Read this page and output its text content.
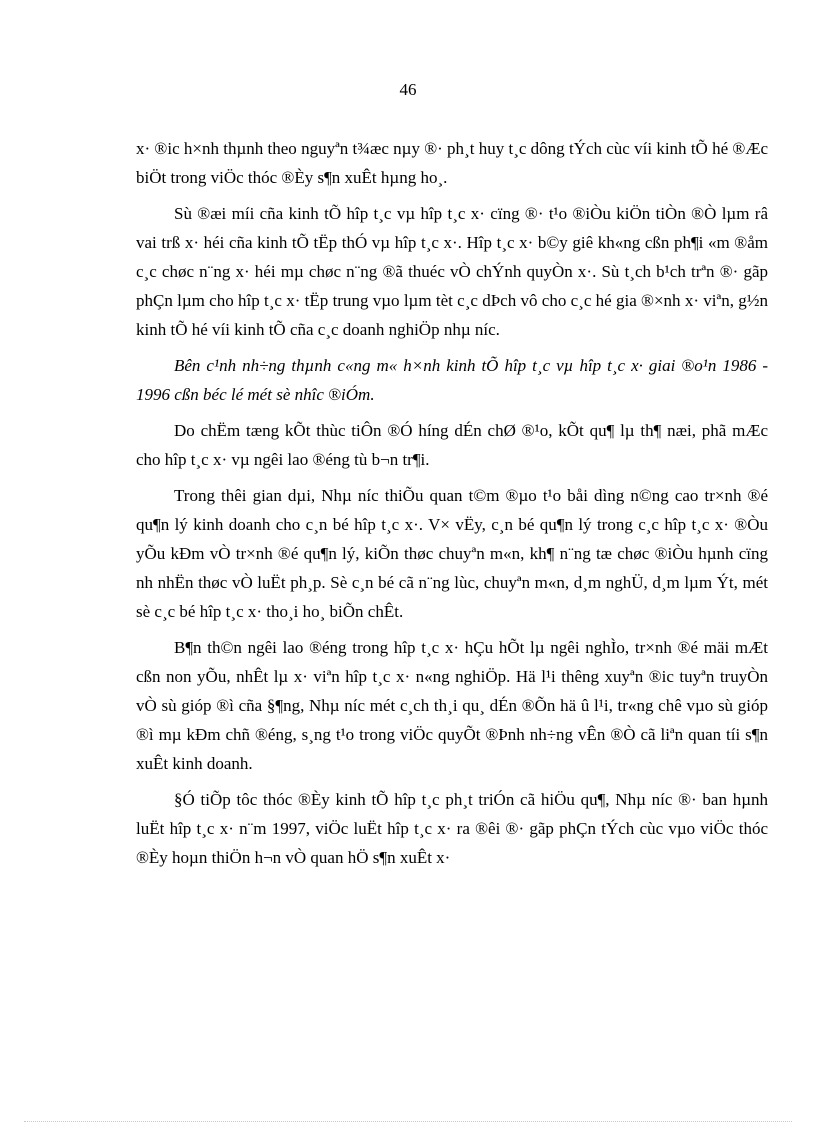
46

x· ®ic h×nh thµnh theo nguyªn t¾æc nµy ®· ph¸t huy t¸c dông tÝch cùc víi kinh tÕ hé ®Æc biÖt trong viÖc thóc ®Èy s¶n xuÊt hµng ho¸.

Sù ®æi míi cña kinh tÕ hîp t¸c vµ hîp t¸c x· cïng ®· t¹o ®iÒu kiÖn tiÒn ®Ò lµm râ vai trß x· héi cña kinh tÕ tËp thÓ vµ hîp t¸c x·. Hîp t¸c x· b©y giê kh«ng cßn ph¶i «m ®åm c¸c chøc n¨ng x· héi mµ chøc n¨ng ®ã thuéc vÒ chÝnh quyÒn x·. Sù t¸ch b¹ch trªn ®· gãp phÇn lµm cho hîp t¸c x· tËp trung vµo lµm tèt c¸c dÞch vô cho c¸c hé gia ®×nh x· viªn, g½n kinh tÕ hé víi kinh tÕ cña c¸c doanh nghiÖp nhµ níc.

Bên c¹nh nh÷ng thµnh c«ng m« h×nh kinh tÕ hîp t¸c vµ hîp t¸c x· giai ®o¹n 1986 - 1996 cßn béc lé mét sè nhîc ®iÓm.

Do chËm tæng kÕt thùc tiÔn ®Ó híng dÉn chØ ®¹o, kÕt qu¶ lµ th¶ næi, phã mÆc cho hîp t¸c x· vµ ngêi lao ®éng tù b¬n tr¶i.

Trong thêi gian dµi, Nhµ níc thiÕu quan t©m ®µo t¹o båi dìng n©ng cao tr×nh ®é qu¶n lý kinh doanh cho c¸n bé hîp t¸c x·. V× vËy, c¸n bé qu¶n lý trong c¸c hîp t¸c x· ®Òu yÕu kÐm vÒ tr×nh ®é qu¶n lý, kiÕn thøc chuyªn m«n, kh¶ n¨ng tæ chøc ®iÒu hµnh cïng nh nhËn thøc vÒ luËt ph¸p. Sè c¸n bé cã n¨ng lùc, chuyªn m«n, d¸m nghÜ, d¸m lµm Ýt, mét sè c¸c bé hîp t¸c x· tho¸i ho¸ biÕn chÊt.

B¶n th©n ngêi lao ®éng trong hîp t¸c x· hÇu hÕt lµ ngêi nghÌo, tr×nh ®é mäi mÆt cßn non yÕu, nhÊt lµ x· viªn hîp t¸c x· n«ng nghiÖp. Hä l¹i thêng xuyªn ®ic tuyªn truyÒn vÒ sù gióp ®ì cña §¶ng, Nhµ níc mét c¸ch th¸i qu¸ dÉn ®Õn hä û l¹i, tr«ng chê vµo sù gióp ®ì mµ kÐm chñ ®éng, s¸ng t¹o trong viÖc quyÕt ®Þnh nh÷ng vÊn ®Ò cã liªn quan tíi s¶n xuÊt kinh doanh.

§Ó tiÕp tôc thóc ®Èy kinh tÕ hîp t¸c ph¸t triÓn cã hiÖu qu¶, Nhµ níc ®· ban hµnh luËt hîp t¸c x· n¨m 1997, viÖc luËt hîp t¸c x· ra ®êi ®· gãp phÇn tÝch cùc vµo viÖc thóc ®Èy hoµn thiÖn h¬n vÒ quan hÖ s¶n xuÊt x·
